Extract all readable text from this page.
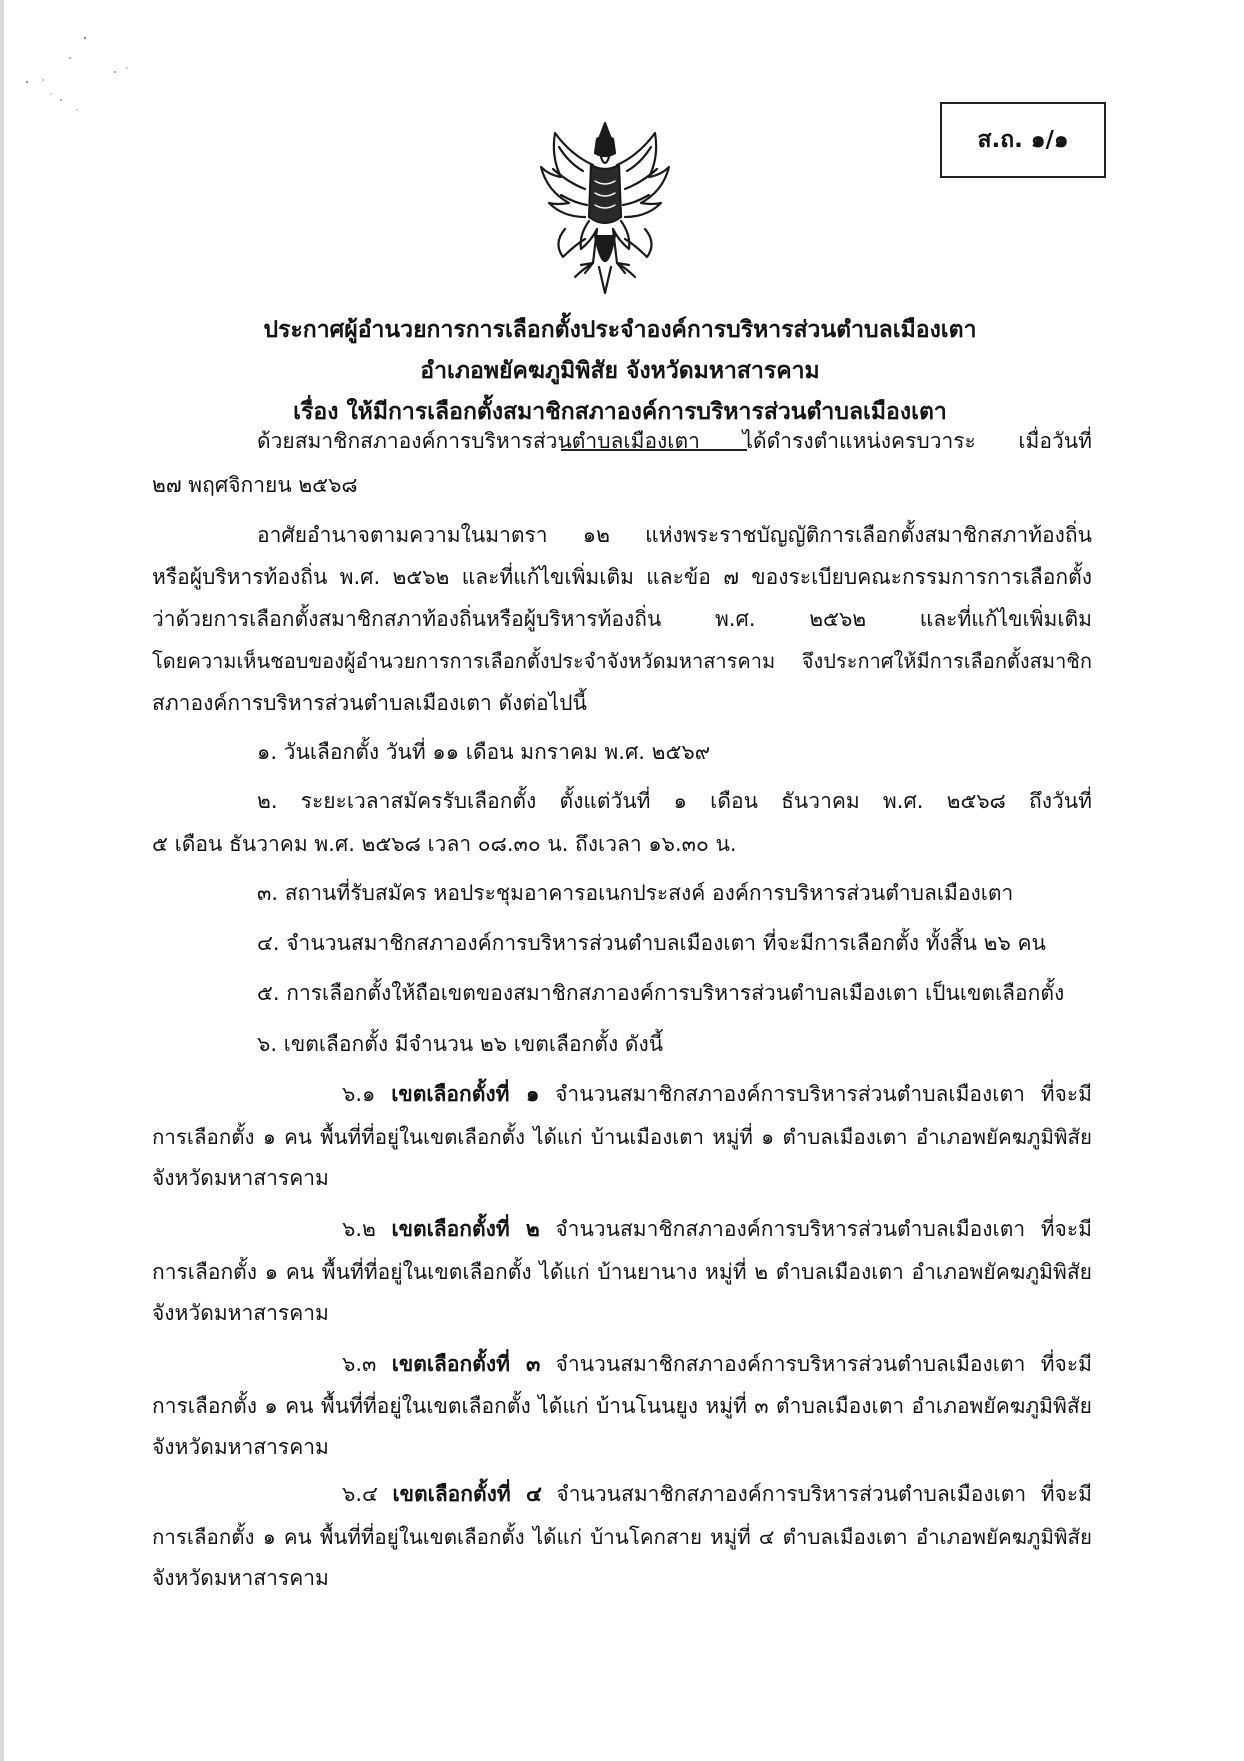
ส.ถ. ๑/๑
ประกาศผู้อำนวยการการเลือกตั้งประจำองค์การบริหารส่วนตำบลเมืองเตา
อำเภอพยัคฆภูมิพิสัย จังหวัดมหาสารคาม
เรื่อง ให้มีการเลือกตั้งสมาชิกสภาองค์การบริหารส่วนตำบลเมืองเตา

ด้วยสมาชิกสภาองค์การบริหารส่วนตำบลเมืองเตา ได้ดำรงตำแหน่งครบวาระ เมื่อวันที่

๒๗ พฤศจิกายน ๒๕๖๘

อาศัยอำนาจตามความในมาตรา ๑๒ แห่งพระราชบัญญัติการเลือกตั้งสมาชิกสภาท้องถิ่น

หรือผู้บริหารท้องถิ่น พ.ศ. ๒๕๖๒ และที่แก้ไขเพิ่มเติม และข้อ ๗ ของระเบียบคณะกรรมการการเลือกตั้ง

ว่าด้วยการเลือกตั้งสมาชิกสภาท้องถิ่นหรือผู้บริหารท้องถิ่น พ.ศ. ๒๕๖๒ และที่แก้ไขเพิ่มเติม

โดยความเห็นชอบของผู้อำนวยการการเลือกตั้งประจำจังหวัดมหาสารคาม จึงประกาศให้มีการเลือกตั้งสมาชิก

สภาองค์การบริหารส่วนตำบลเมืองเตา ดังต่อไปนี้

๑. วันเลือกตั้ง วันที่ ๑๑ เดือน มกราคม พ.ศ. ๒๕๖๙

๒. ระยะเวลาสมัครรับเลือกตั้ง ตั้งแต่วันที่ ๑ เดือน ธันวาคม พ.ศ. ๒๕๖๘ ถึงวันที่

๕ เดือน ธันวาคม พ.ศ. ๒๕๖๘ เวลา ๐๘.๓๐ น. ถึงเวลา ๑๖.๓๐ น.

๓. สถานที่รับสมัคร หอประชุมอาคารอเนกประสงค์ องค์การบริหารส่วนตำบลเมืองเตา

๔. จำนวนสมาชิกสภาองค์การบริหารส่วนตำบลเมืองเตา ที่จะมีการเลือกตั้ง ทั้งสิ้น ๒๖ คน

๕. การเลือกตั้งให้ถือเขตของสมาชิกสภาองค์การบริหารส่วนตำบลเมืองเตา เป็นเขตเลือกตั้ง

๖. เขตเลือกตั้ง มีจำนวน ๒๖ เขตเลือกตั้ง ดังนี้

๖.๑ เขตเลือกตั้งที่ ๑ จำนวนสมาชิกสภาองค์การบริหารส่วนตำบลเมืองเตา ที่จะมี

การเลือกตั้ง ๑ คน พื้นที่ที่อยู่ในเขตเลือกตั้ง ได้แก่ บ้านเมืองเตา หมู่ที่ ๑ ตำบลเมืองเตา อำเภอพยัคฆภูมิพิสัย

จังหวัดมหาสารคาม

๖.๒ เขตเลือกตั้งที่ ๒ จำนวนสมาชิกสภาองค์การบริหารส่วนตำบลเมืองเตา ที่จะมี

การเลือกตั้ง ๑ คน พื้นที่ที่อยู่ในเขตเลือกตั้ง ได้แก่ บ้านยานาง หมู่ที่ ๒ ตำบลเมืองเตา อำเภอพยัคฆภูมิพิสัย

จังหวัดมหาสารคาม

๖.๓ เขตเลือกตั้งที่ ๓ จำนวนสมาชิกสภาองค์การบริหารส่วนตำบลเมืองเตา ที่จะมี

การเลือกตั้ง ๑ คน พื้นที่ที่อยู่ในเขตเลือกตั้ง ได้แก่ บ้านโนนยูง หมู่ที่ ๓ ตำบลเมืองเตา อำเภอพยัคฆภูมิพิสัย

จังหวัดมหาสารคาม

๖.๔ เขตเลือกตั้งที่ ๔ จำนวนสมาชิกสภาองค์การบริหารส่วนตำบลเมืองเตา ที่จะมี

การเลือกตั้ง ๑ คน พื้นที่ที่อยู่ในเขตเลือกตั้ง ได้แก่ บ้านโคกสาย หมู่ที่ ๔ ตำบลเมืองเตา อำเภอพยัคฆภูมิพิสัย

จังหวัดมหาสารคาม
